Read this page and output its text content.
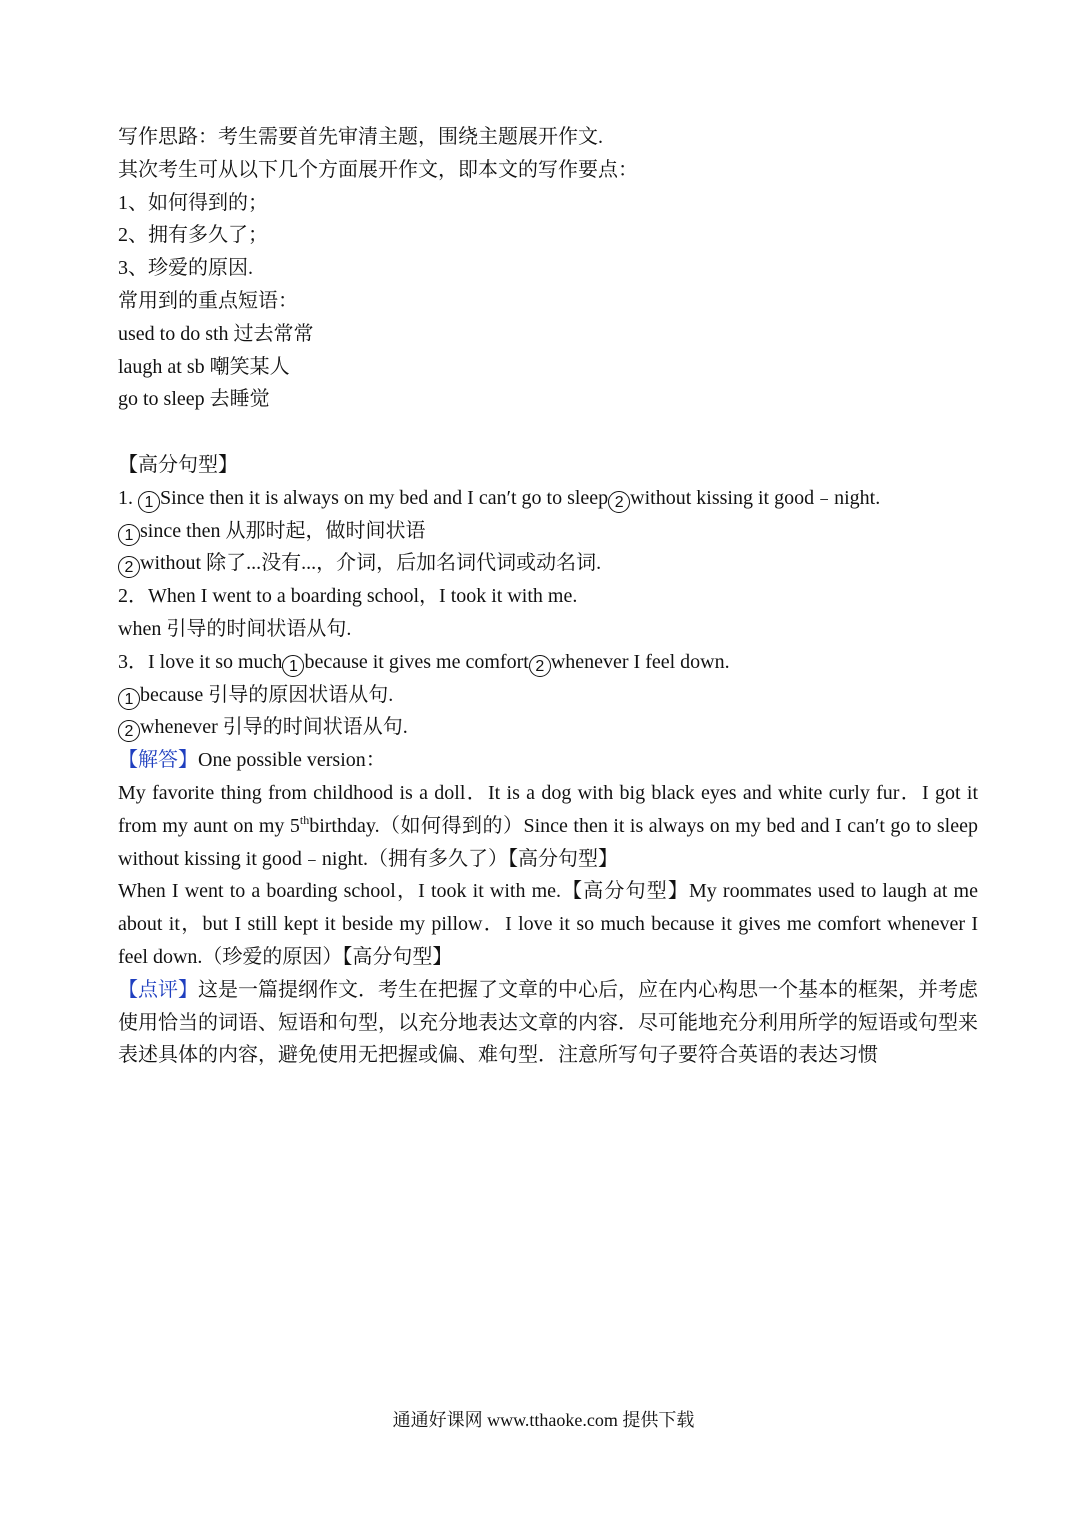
写作思路：考生需要首先审清主题，围绕主题展开作文.
其次考生可从以下几个方面展开作文，即本文的写作要点：
1、如何得到的；
2、拥有多久了；
3、珍爱的原因.
常用到的重点短语：
used to do sth 过去常常
laugh at sb 嘲笑某人
go to sleep 去睡觉
【高分句型】
1. 1 Since then it is always on my bed and I can′t go to sleep 2 without kissing it good﹣night.
1 since then 从那时起，做时间状语
2 without 除了...没有...，介词，后加名词代词或动名词.
2．When I went to a boarding school，I took it with me.
when 引导的时间状语从句.
3．I love it so much 1 because it gives me comfort 2 whenever I feel down.
1 because 引导的原因状语从句.
2 whenever 引导的时间状语从句.
【解答】One possible version：
My favorite thing from childhood is a doll．It is a dog with big black eyes and white curly fur．I got it from my aunt on my 5thbirthday.（如何得到的）Since then it is always on my bed and I can′t go to sleep without kissing it good﹣night.（拥有多久了）【高分句型】
When I went to a boarding school，I took it with me.【高分句型】My roommates used to laugh at me about it，but I still kept it beside my pillow．I love it so much because it gives me comfort whenever I feel down.（珍爱的原因）【高分句型】
【点评】这是一篇提纲作文．考生在把握了文章的中心后，应在内心构思一个基本的框架，并考虑使用恰当的词语、短语和句型，以充分地表达文章的内容．尽可能地充分利用所学的短语或句型来表述具体的内容，避免使用无把握或偏、难句型．注意所写句子要符合英语的表达习惯
通通好课网 www.tthaoke.com 提供下载
